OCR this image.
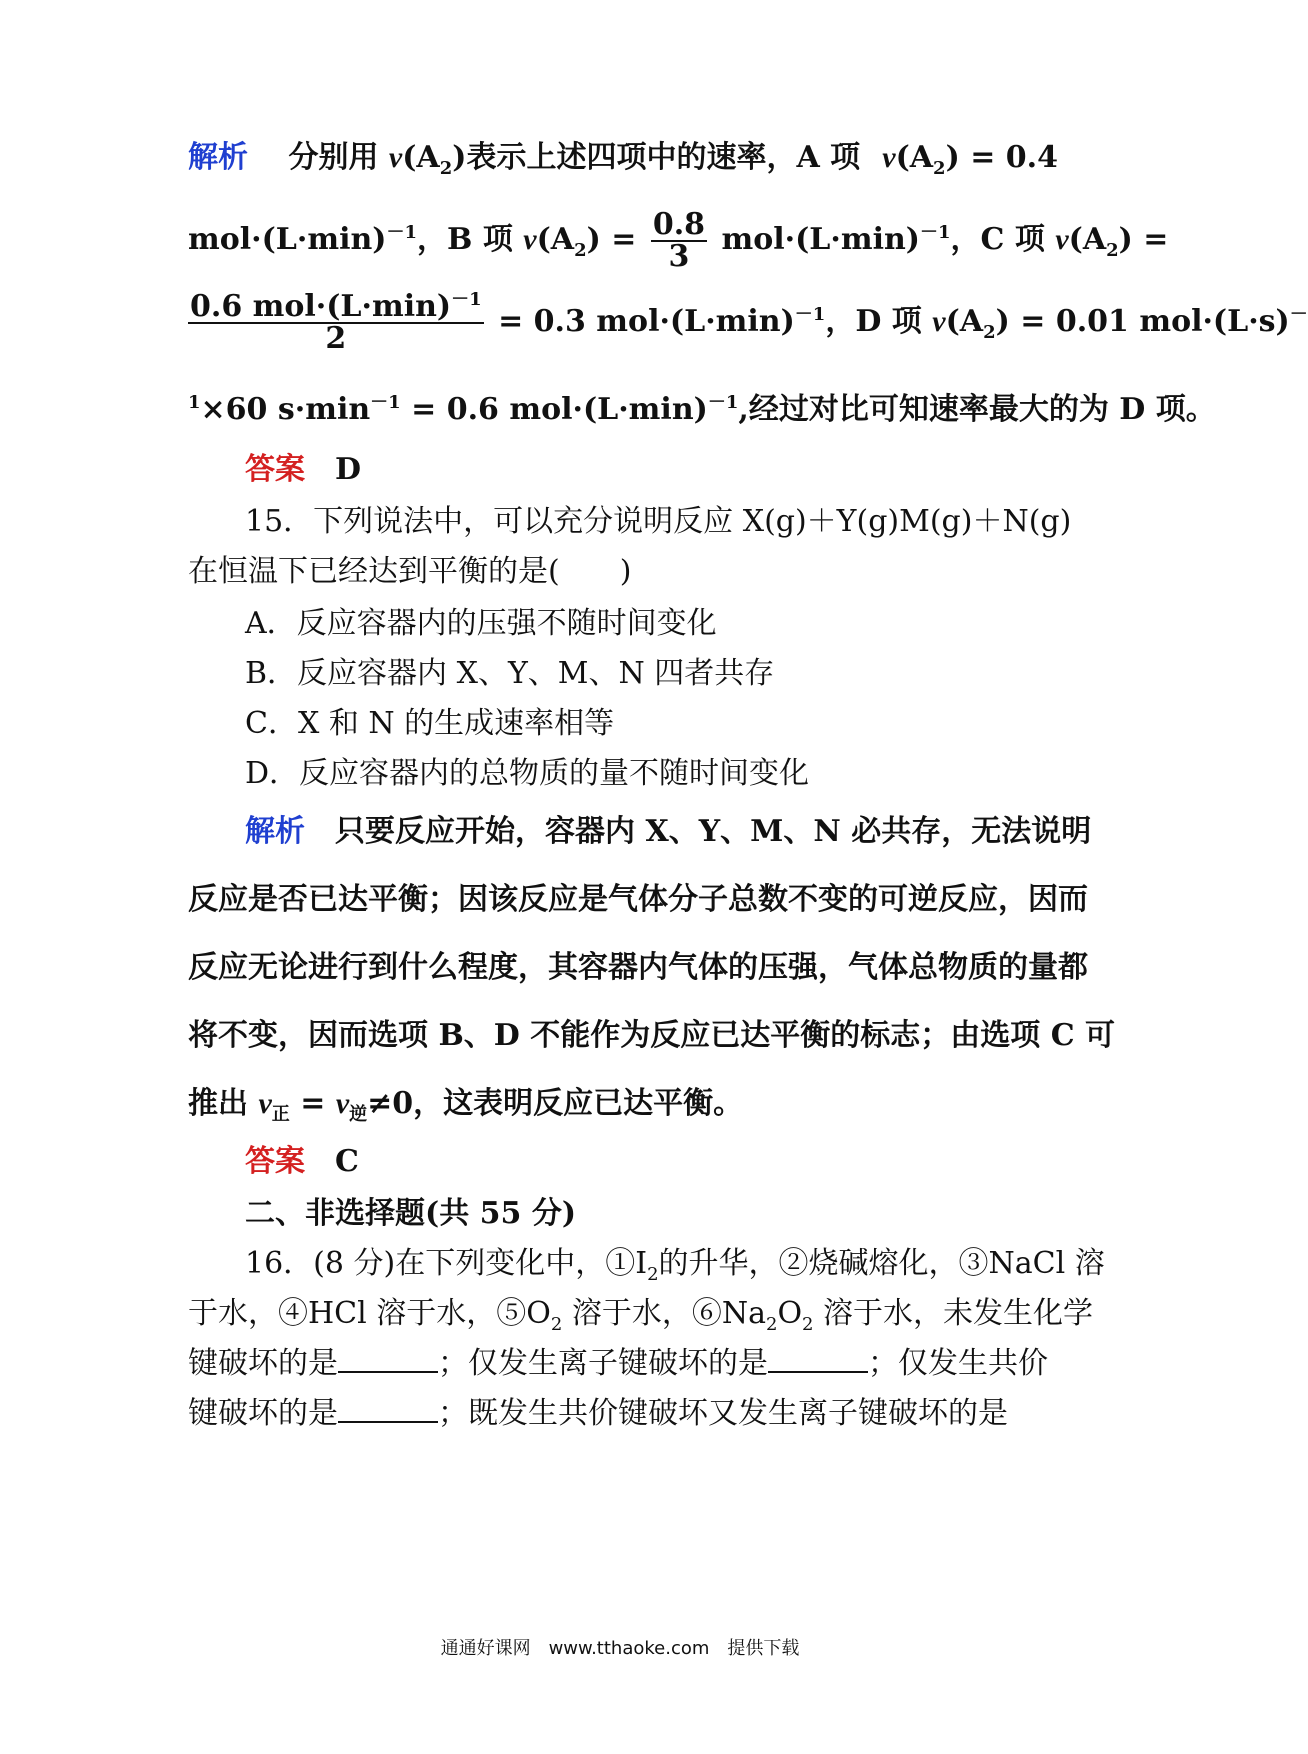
解析　 分别用 $v(A_2)$表示上述四项中的速率，A 项 $v(A_2) = 0.4$
$mol\cdot(L\cdot\min)^{-1}$，B 项 $v(A_2) = \frac{0.8}{3} mol\cdot(L\cdot\min)^{-1}$，C 项 $v(A_2)$ =
$\frac{0.6 mol\cdot(L\cdot\min)^{-1}}{2} = 0.3$ $mol\cdot(L\cdot\min)^{-1}$，D 项 $v(A_2) = 0.01$ mol·(L·s)－
$^1$×60 $s\cdot\min^{-1} = 0.6$ $mol\cdot(L\cdot\min)^{-1}$,经过对比可知速率最大的为 D 项。
答案　 D
15．下列说法中，可以充分说明反应 X(g)＋Y(g) M(g)＋N(g)
在恒温下已经达到平衡的是(　　)
A．反应容器内的压强不随时间变化
B．反应容器内 X、Y、M、N 四者共存
C．X 和 N 的生成速率相等
D．反应容器内的总物质的量不随时间变化
解析　 只要反应开始，容器内 X、Y、M、N 必共存，无法说明
反应是否已达平衡；因该反应是气体分子总数不变的可逆反应，因而
反应无论进行到什么程度，其容器内气体的压强，气体总物质的量都
将不变，因而选项 B、D 不能作为反应已达平衡的标志；由选项 C 可
推出 $v_正 = v_逆\ne 0$，这表明反应已达平衡。
答案　 C
二、非选择题(共 55 分)
16．(8 分)在下列变化中，$①I_2$的升华，②烧碱熔化，③NaCl 溶
于水，④HCl 溶于水，$⑤O_2$ 溶于水，$⑥Na_2O_2$ 溶于水，未发生化学
键破坏的是	；仅发生离子键破坏的是	；仅发生共价
键破坏的是	；既发生共价键破坏又发生离子键破坏的是
通通好课网　www.tthaoke.com　提供下载
